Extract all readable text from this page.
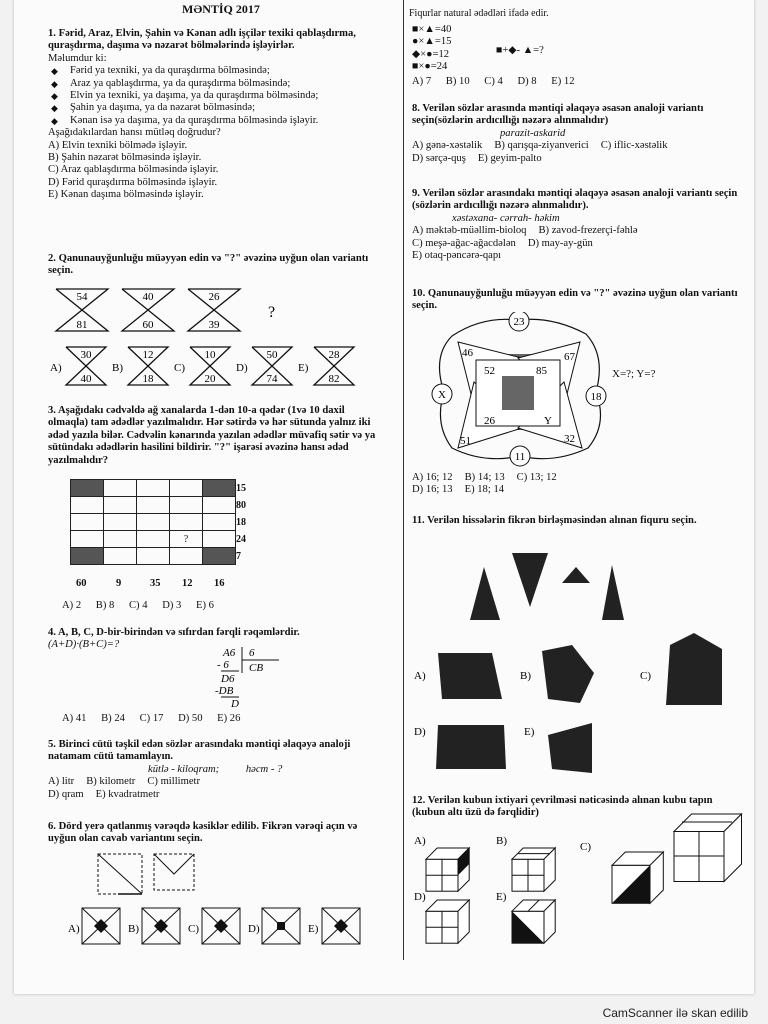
MƏNTİQ 2017	Fiqurlar natural ədədləri ifadə edir.
1. Fərid, Araz, Elvin, Şahin və Kənan adlı işçilər texiki qablaşdırma, quraşdırma, daşıma və nəzarət bölmələrində işləyirlər.
Məlumdur ki:
◆ Fərid ya texniki, ya da quraşdırma bölməsində;
◆ Araz ya qablaşdırma, ya da quraşdırma bölməsində;
◆ Elvin ya texniki, ya daşıma, ya da quraşdırma bölməsində;
◆ Şahin ya daşıma, ya da nəzarət bölməsində;
◆ Kənan isə ya daşıma, ya da quraşdırma bölməsində işləyir.
Aşağıdakılardan hansı mütləq doğrudur?
A) Elvin texniki bölmədə işləyir.
B) Şahin nəzarət bölməsində işləyir.
C) Araz qablaşdırma bölməsində işləyir.
D) Fərid quraşdırma bölməsində işləyir.
E) Kənan daşıma bölməsində işləyir.
2. Qanunauyğunluğu müəyyən edin və "?" əvəzinə uyğun olan variantı seçin.
54
81
40
60
26
39
?
A)
30
40
B)
12
18
C)
10
20
D)
50
74
E)
28
82
3. Aşağıdakı cədvəldə ağ xanalarda 1-dən 10-a qədər (1və 10 daxil olmaqla) tam ədədlər yazılmalıdır. Hər sətirdə və hər sütunda yalnız iki ədəd yazıla bilər. Cədvəlin kənarında yazılan ədədlər müvafiq sətir və ya sütündakı ədədlərin hasilini bildirir. "?" işarəsi əvəzinə hansı ədəd yazılmalıdır?
					15
					80
					18
			?		24
					7
60	9	35 12 16
A) 2 B) 8 C) 4 D) 3 E) 6
4. A, B, C, D-bir-birindən və sıfırdan fərqli rəqəmlərdir.
(A+D)·(B+C)=?
A6
- 6
D6
-DB
D
6
CB
A) 41 B) 24 C) 17 D) 50 E) 26
5. Birinci cütü təşkil edən sözlər arasındakı məntiqi əlaqəyə analoji natamam cütü tamamlayın.
kütlə - kiloqram;	həcm - ?
A) litr B) kilometr C) millimetr
D) qram E) kvadratmetr
6. Dörd yerə qatlanmış vərəqdə kəsiklər edilib. Fikrən vərəqi açın və uyğun olan cavab variantını seçin.
A)	B)	C)	D)	E)
■×▲=40
●×▲=15
◆×●=12
■×●=24
■+◆- ▲=?
A) 7 B) 10 C) 4 D) 8 E) 12
8. Verilən sözlər arasında məntiqi əlaqəyə əsasən analoji variantı seçin(sözlərin ardıcıllığı nəzərə alınmalıdır)
parazit-askarid
A) gənə-xəstəlik B) qarışqa-ziyanverici C) iflic-xəstəlik
D) sərçə-quş E) geyim-palto
9. Verilən sözlər arasındakı məntiqi əlaqəyə əsasən analoji variantı seçin (sözlərin ardıcıllığı nəzərə alınmalıdır).
xəstəxana- cərrah- həkim
A) məktəb-müəllim-bioloq B) zavod-frezerçi-fəhlə
C) meşə-ağac-ağacdələn D) may-ay-gün
E) otaq-pəncərə-qapı
10. Qanunauyğunluğu müəyyən edin və "?" əvəzinə uyğun olan variantı seçin.
23
X	18
11
46	67
52	85
26	Y
51	32
X=?; Y=?
A) 16; 12 B) 14; 13 C) 13; 12
D) 16; 13 E) 18; 14
11. Verilən hissələrin fikrən birləşməsindən alınan fiquru seçin.
A)	B)	C)
D)	E)
12. Verilən kubun ixtiyari çevrilməsi nəticəsində alınan kubu tapın (kubun altı üzü də fərqlidir)
A)	B)	C)
D)	E)
CamScanner ilə skan edilib
